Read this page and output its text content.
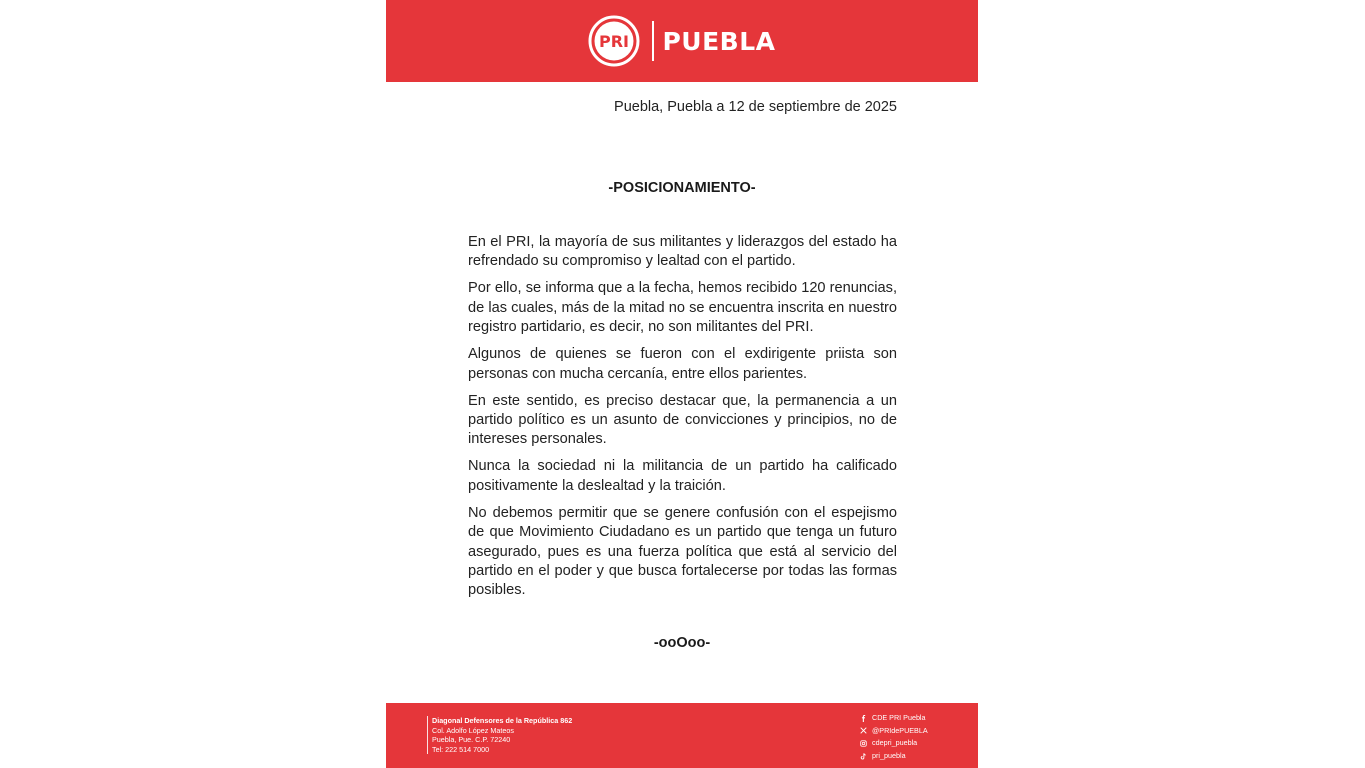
PRI PUEBLA
Puebla, Puebla a 12 de septiembre de 2025
-POSICIONAMIENTO-

En el PRI, la mayoría de sus militantes y liderazgos del estado ha refrendado su compromiso y lealtad con el partido.

Por ello, se informa que a la fecha, hemos recibido 120 renuncias, de las cuales, más de la mitad no se encuentra inscrita en nuestro registro partidario, es decir, no son militantes del PRI.

Algunos de quienes se fueron con el exdirigente priista son personas con mucha cercanía, entre ellos parientes.

En este sentido, es preciso destacar que, la permanencia a un partido político es un asunto de convicciones y principios, no de intereses personales.

Nunca la sociedad ni la militancia de un partido ha calificado positivamente la deslealtad y la traición.

No debemos permitir que se genere confusión con el espejismo de que Movimiento Ciudadano es un partido que tenga un futuro asegurado, pues es una fuerza política que está al servicio del partido en el poder y que busca fortalecerse por todas las formas posibles.

-ooOoo-
Diagonal Defensores de la República 862
Col. Adolfo López Mateos
Puebla, Pue. C.P. 72240
Tel: 222 514 7000
CDE PRI Puebla
@PRIdePUEBLA
cdepri_puebla
pri_puebla
